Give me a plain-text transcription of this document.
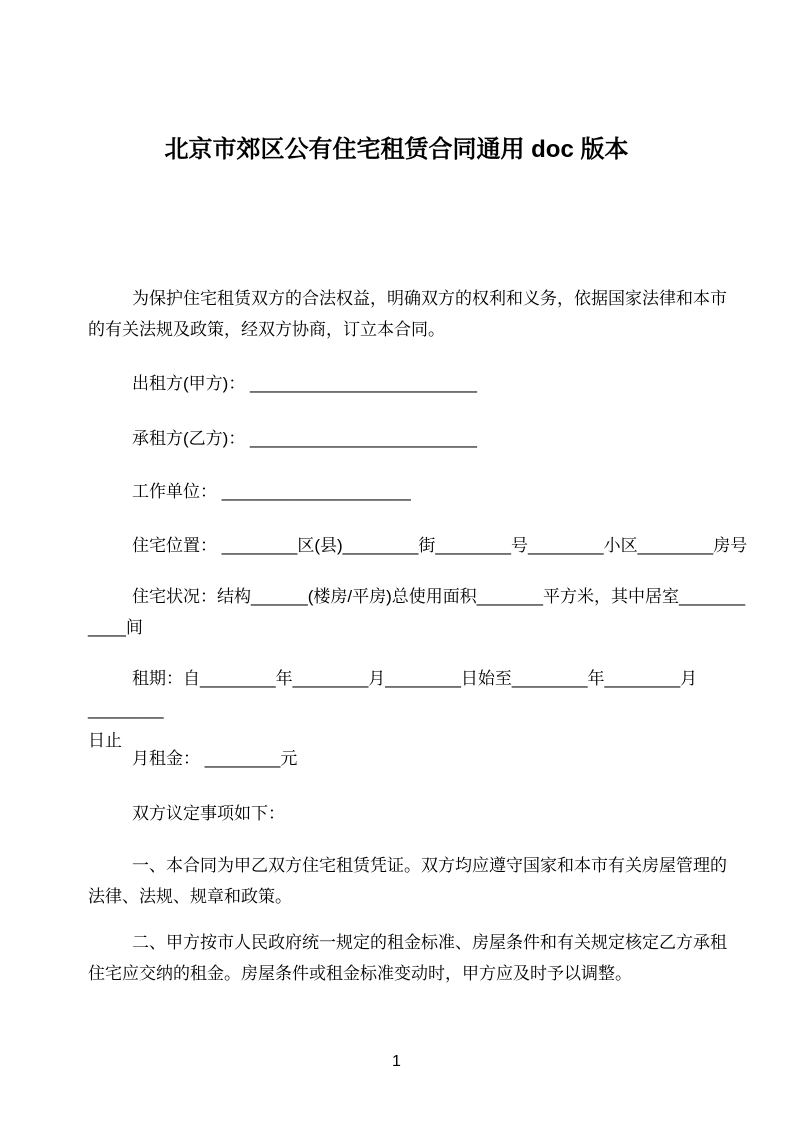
北京市郊区公有住宅租赁合同通用 doc 版本
为保护住宅租赁双方的合法权益，明确双方的权利和义务，依据国家法律和本市
的有关法规及政策，经双方协商，订立本合同。
出租方(甲方)： ________________________
承租方(乙方)： ________________________
工作单位： ____________________
住宅位置： ________区(县)________街________号________小区________房号
住宅状况：结构______(楼房/平房)总使用面积_______平方米，其中居室_______
____间
租期：自________年________月________日始至________年________月________
日止
月租金： ________元
双方议定事项如下：
一、本合同为甲乙双方住宅租赁凭证。双方均应遵守国家和本市有关房屋管理的
法律、法规、规章和政策。
二、甲方按市人民政府统一规定的租金标准、房屋条件和有关规定核定乙方承租
住宅应交纳的租金。房屋条件或租金标准变动时，甲方应及时予以调整。
1
